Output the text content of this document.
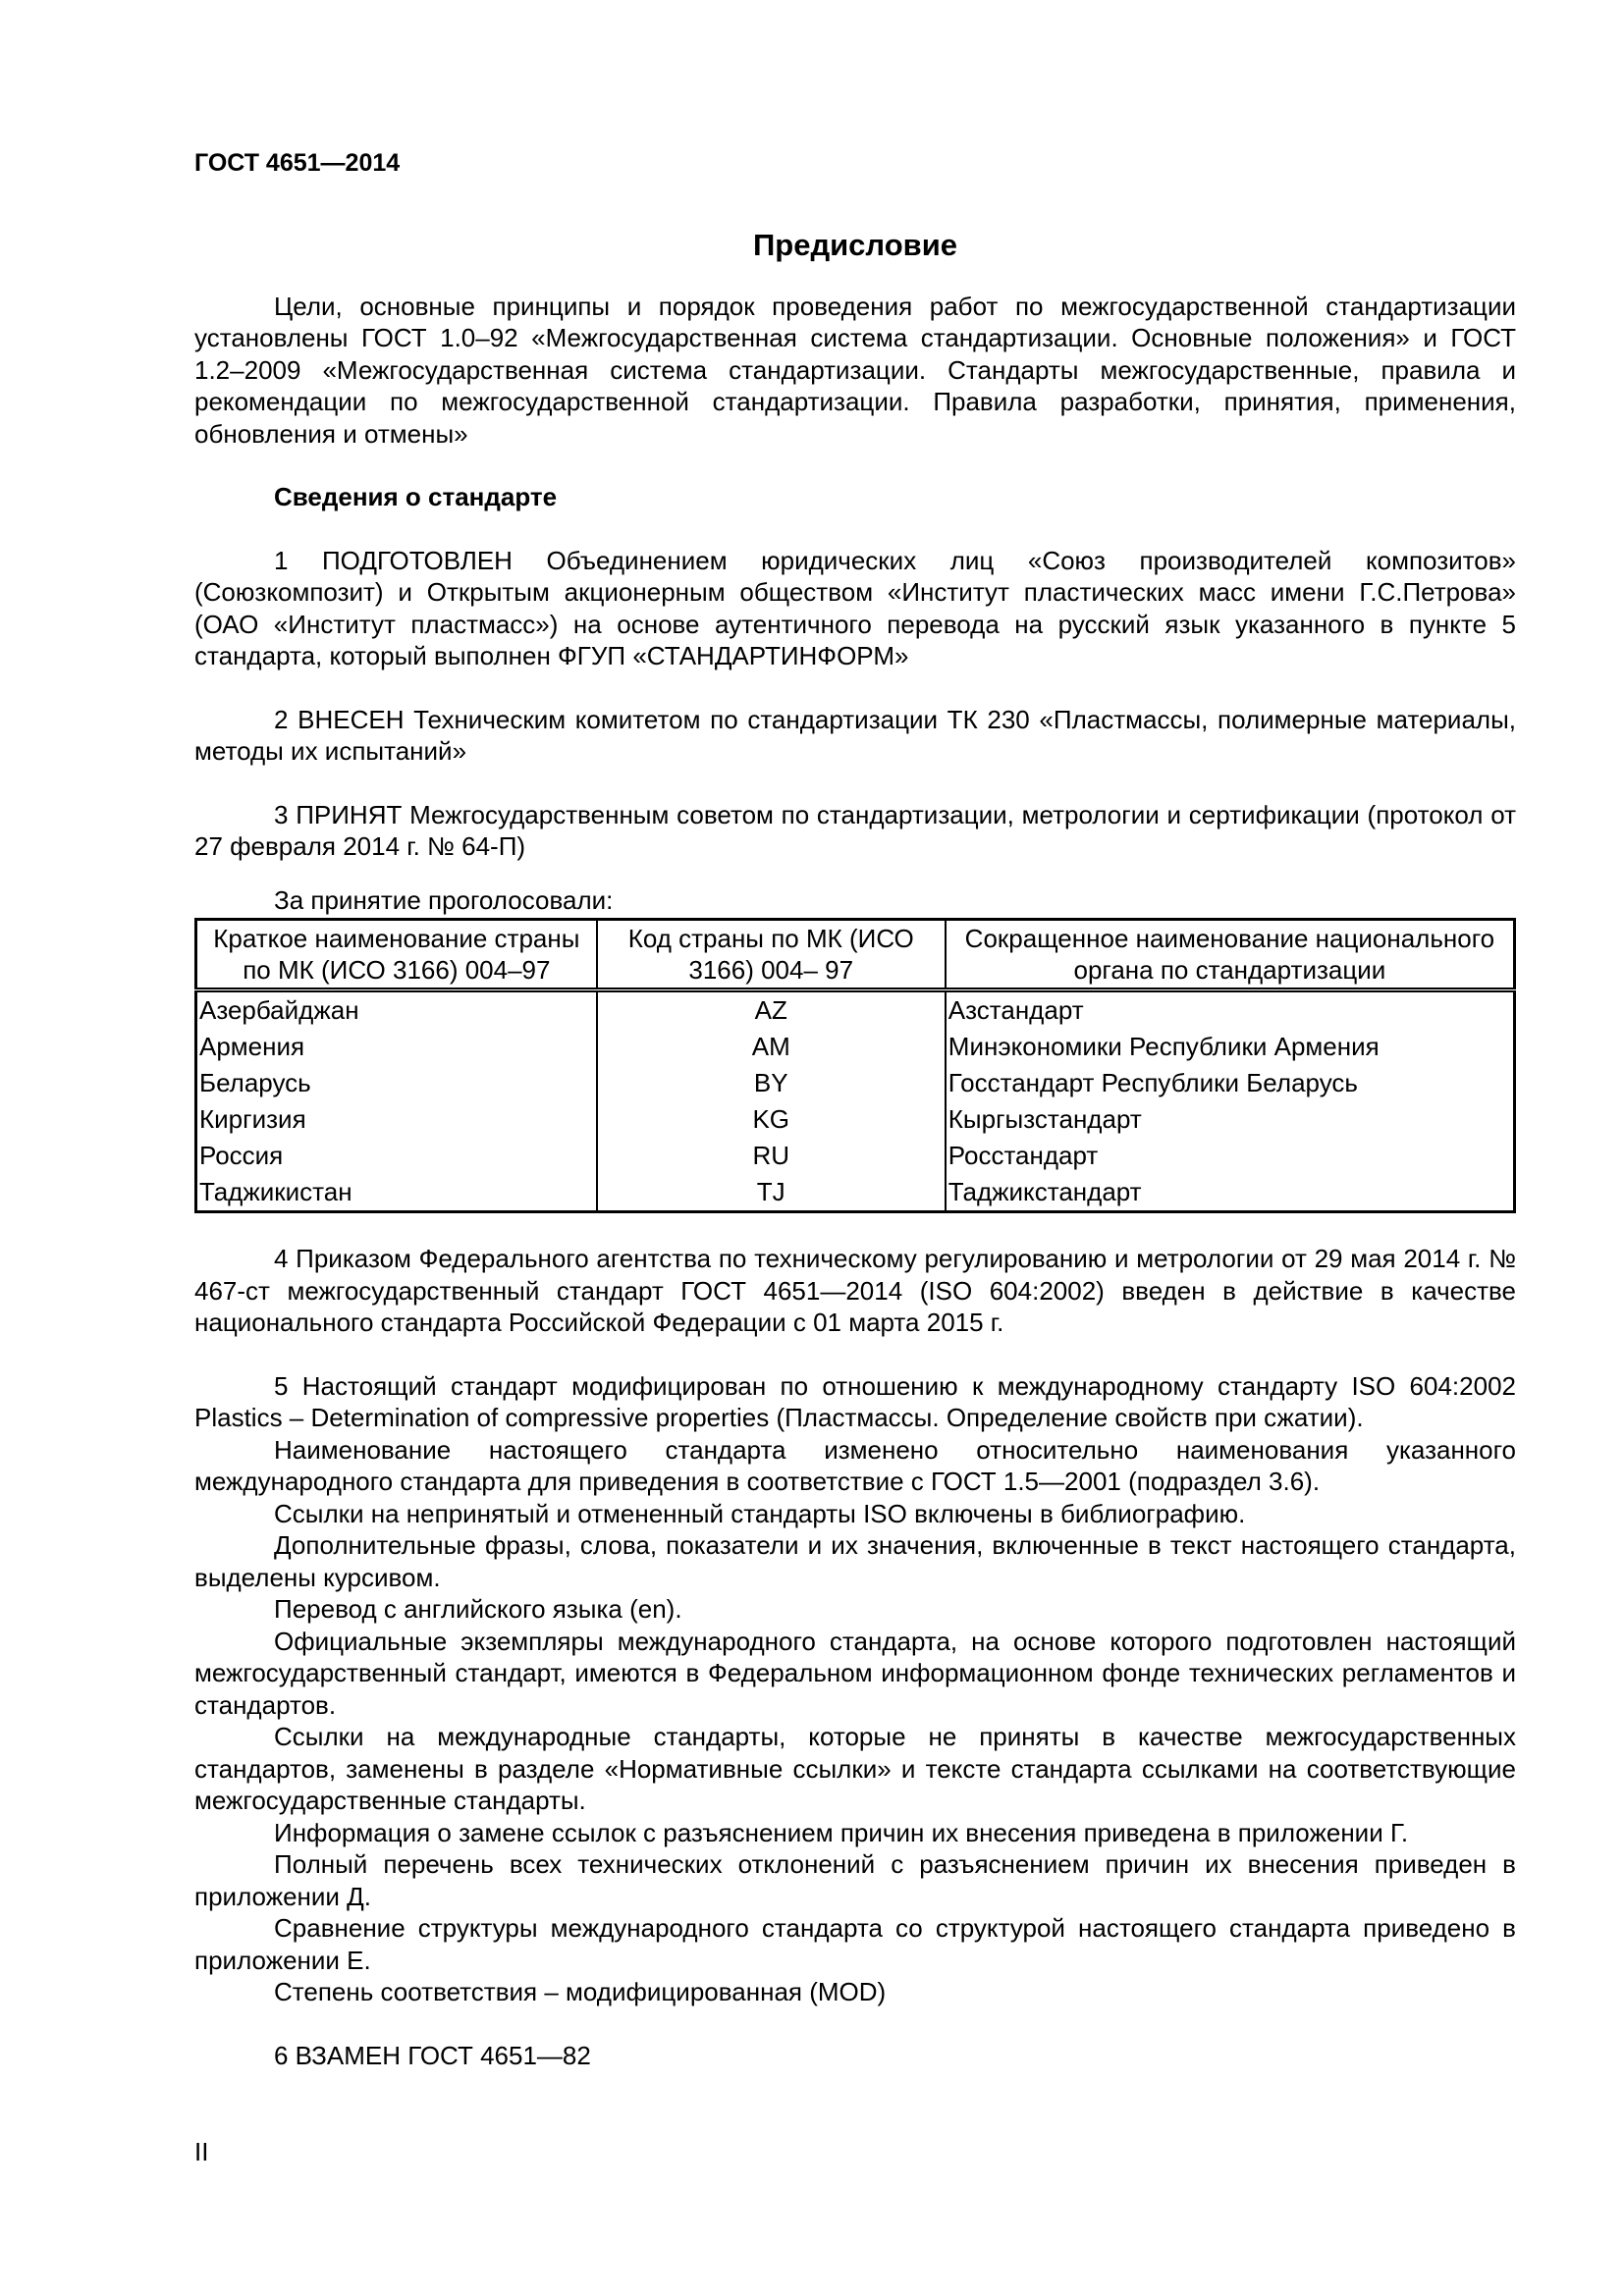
ГОСТ 4651—2014
Предисловие

Цели, основные принципы и порядок проведения работ по межгосударственной стандартизации установлены ГОСТ 1.0–92 «Межгосударственная система стандартизации. Основные положения» и ГОСТ 1.2–2009 «Межгосударственная система стандартизации. Стандарты межгосударственные, правила и рекомендации по межгосударственной стандартизации. Правила разработки, принятия, применения, обновления и отмены»

Сведения о стандарте

1 ПОДГОТОВЛЕН Объединением юридических лиц «Союз производителей композитов» (Союзкомпозит) и Открытым акционерным обществом «Институт пластических масс имени Г.С.Петрова» (ОАО «Институт пластмасс») на основе аутентичного перевода на русский язык указанного в пункте 5 стандарта, который выполнен ФГУП «СТАНДАРТИНФОРМ»

2 ВНЕСЕН Техническим комитетом по стандартизации ТК 230 «Пластмассы, полимерные материалы, методы их испытаний»

3 ПРИНЯТ Межгосударственным советом по стандартизации, метрологии и сертификации (протокол от 27 февраля 2014 г. № 64-П)

За принятие проголосовали:

Краткое наименование страны по МК (ИСО 3166) 004–97	Код страны по МК (ИСО 3166) 004– 97	Сокращенное наименование национального органа по стандартизации
Азербайджан	AZ	Азстандарт
Армения	AM	Минэкономики Республики Армения
Беларусь	BY	Госстандарт Республики Беларусь
Киргизия	KG	Кыргызстандарт
Россия	RU	Росстандарт
Таджикистан	TJ	Таджикстандарт

4 Приказом Федерального агентства по техническому регулированию и метрологии от 29 мая 2014 г. № 467-ст межгосударственный стандарт ГОСТ 4651—2014 (ISO 604:2002) введен в действие в качестве национального стандарта Российской Федерации с 01 марта 2015 г.

5 Настоящий стандарт модифицирован по отношению к международному стандарту ISO 604:2002 Plastics – Determination of compressive properties (Пластмассы. Определение свойств при сжатии).

Наименование настоящего стандарта изменено относительно наименования указанного международного стандарта для приведения в соответствие с ГОСТ 1.5—2001 (подраздел 3.6).

Ссылки на непринятый и отмененный стандарты ISO включены в библиографию.

Дополнительные фразы, слова, показатели и их значения, включенные в текст настоящего стандарта, выделены курсивом.

Перевод с английского языка (en).

Официальные экземпляры международного стандарта, на основе которого подготовлен настоящий межгосударственный стандарт, имеются в Федеральном информационном фонде технических регламентов и стандартов.

Ссылки на международные стандарты, которые не приняты в качестве межгосударственных стандартов, заменены в разделе «Нормативные ссылки» и тексте стандарта ссылками на соответствующие межгосударственные стандарты.

Информация о замене ссылок с разъяснением причин их внесения приведена в приложении Г.

Полный перечень всех технических отклонений с разъяснением причин их внесения приведен в приложении Д.

Сравнение структуры международного стандарта со структурой настоящего стандарта приведено в приложении Е.

Степень соответствия – модифицированная (MOD)

6 ВЗАМЕН ГОСТ 4651—82

II
